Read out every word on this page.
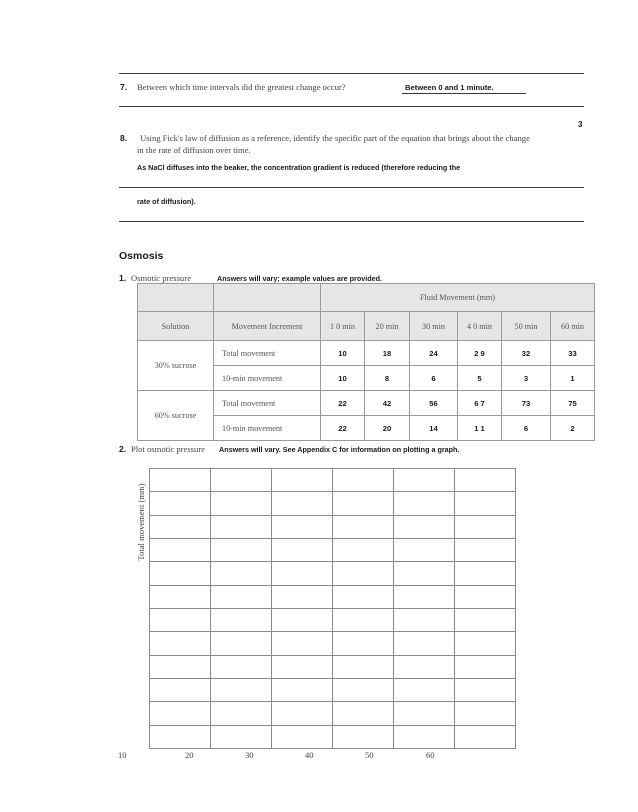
7. Between which time intervals did the greatest change occur?	Between 0 and 1 minute.
3
8. Using Fick's law of diffusion as a reference, identify the specific part of the equation that brings about the change
in the rate of diffusion over time.
As NaCl diffuses into the beaker, the concentration gradient is reduced (therefore reducing the
rate of diffusion).
Osmosis
1. Osmotic pressure	Answers will vary; example values are provided.
		Fluid Movement (mm)					
Solution	Movement Increment	1 0 min	20 min	30 min	4 0 min	50 min	60 min
30% sucrose	Total movement	10	18	24	2 9	32	33
	10-min movement	10	8	6	5	3	1
60% sucrose	Total movement	22	42	56	6 7	73	75
	10-min movement	22	20	14	1 1	6	2
2. Plot osmotic pressure Answers will vary. See Appendix C for information on plotting a graph.
Total movement (mm)

10	20	30	40	50	60
